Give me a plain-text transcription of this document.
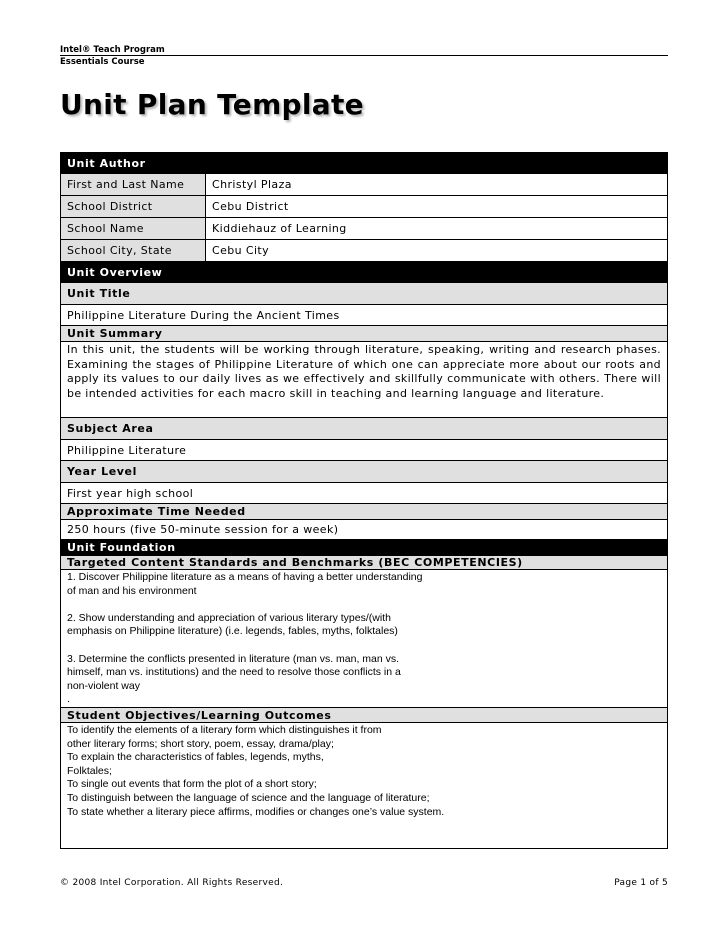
Intel® Teach Program
Essentials Course
Unit Plan Template
Unit Author
First and Last Name	Christyl Plaza
School District	Cebu District
School Name	Kiddiehauz of Learning
School City, State	Cebu City
Unit Overview
Unit Title
Philippine Literature During the Ancient Times
Unit Summary
In this unit, the students will be working through literature, speaking, writing and research phases. Examining the stages of Philippine Literature of which one can appreciate more about our roots and apply its values to our daily lives as we effectively and skillfully communicate with others. There will be intended activities for each macro skill in teaching and learning language and literature.
Subject Area
Philippine Literature
Year Level
First year high school
Approximate Time Needed
250 hours (five 50-minute session for a week)
Unit Foundation
Targeted Content Standards and Benchmarks (BEC COMPETENCIES)
1. Discover Philippine literature as a means of having a better understanding
of man and his environment

2. Show understanding and appreciation of various literary types/(with
emphasis on Philippine literature) (i.e. legends, fables, myths, folktales)

3. Determine the conflicts presented in literature (man vs. man, man vs.
himself, man vs. institutions) and the need to resolve those conflicts in a
non-violent way
.
Student Objectives/Learning Outcomes
To identify the elements of a literary form which distinguishes it from
other literary forms; short story, poem, essay, drama/play;
To explain the characteristics of fables, legends, myths,
Folktales;
To single out events that form the plot of a short story;
To distinguish between the language of science and the language of literature;
To state whether a literary piece affirms, modifies or changes one’s value system.
© 2008 Intel Corporation. All Rights Reserved.	Page 1 of 5
